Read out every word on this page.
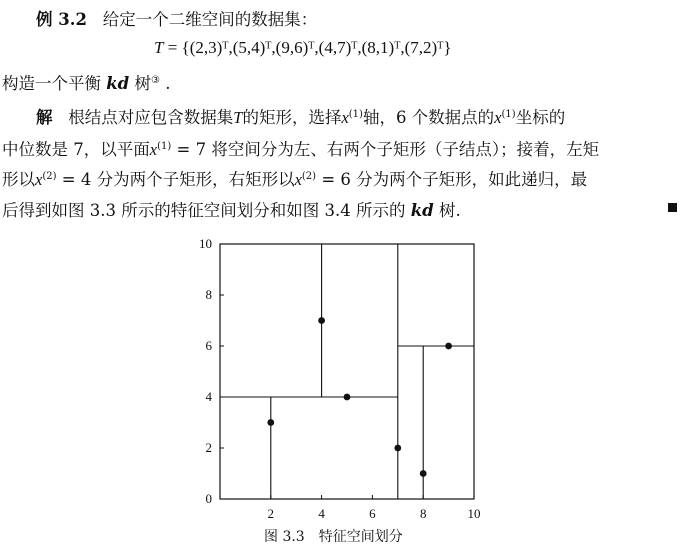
例 3.2 给定一个二维空间的数据集：
T = {(2,3)ᵀ,(5,4)ᵀ,(9,6)ᵀ,(4,7)ᵀ,(8,1)ᵀ,(7,2)ᵀ}
构造一个平衡 kd 树③ .
解 根结点对应包含数据集T的矩形，选择$x^{(1)}$轴，6 个数据点的$x^{(1)}$坐标的
中位数是 7，以平面$x^{(1)} = 7$ 将空间分为左、右两个子矩形（子结点）；接着，左矩
形以$x^{(2)} = 4$ 分为两个子矩形，右矩形以$x^{(2)} = 6$ 分为两个子矩形，如此递归，最
后得到如图 3.3 所示的特征空间划分和如图 3.4 所示的 kd 树.
2	4	6	8	10
0
2
4
6
8
10
图 3.3　特征空间划分
